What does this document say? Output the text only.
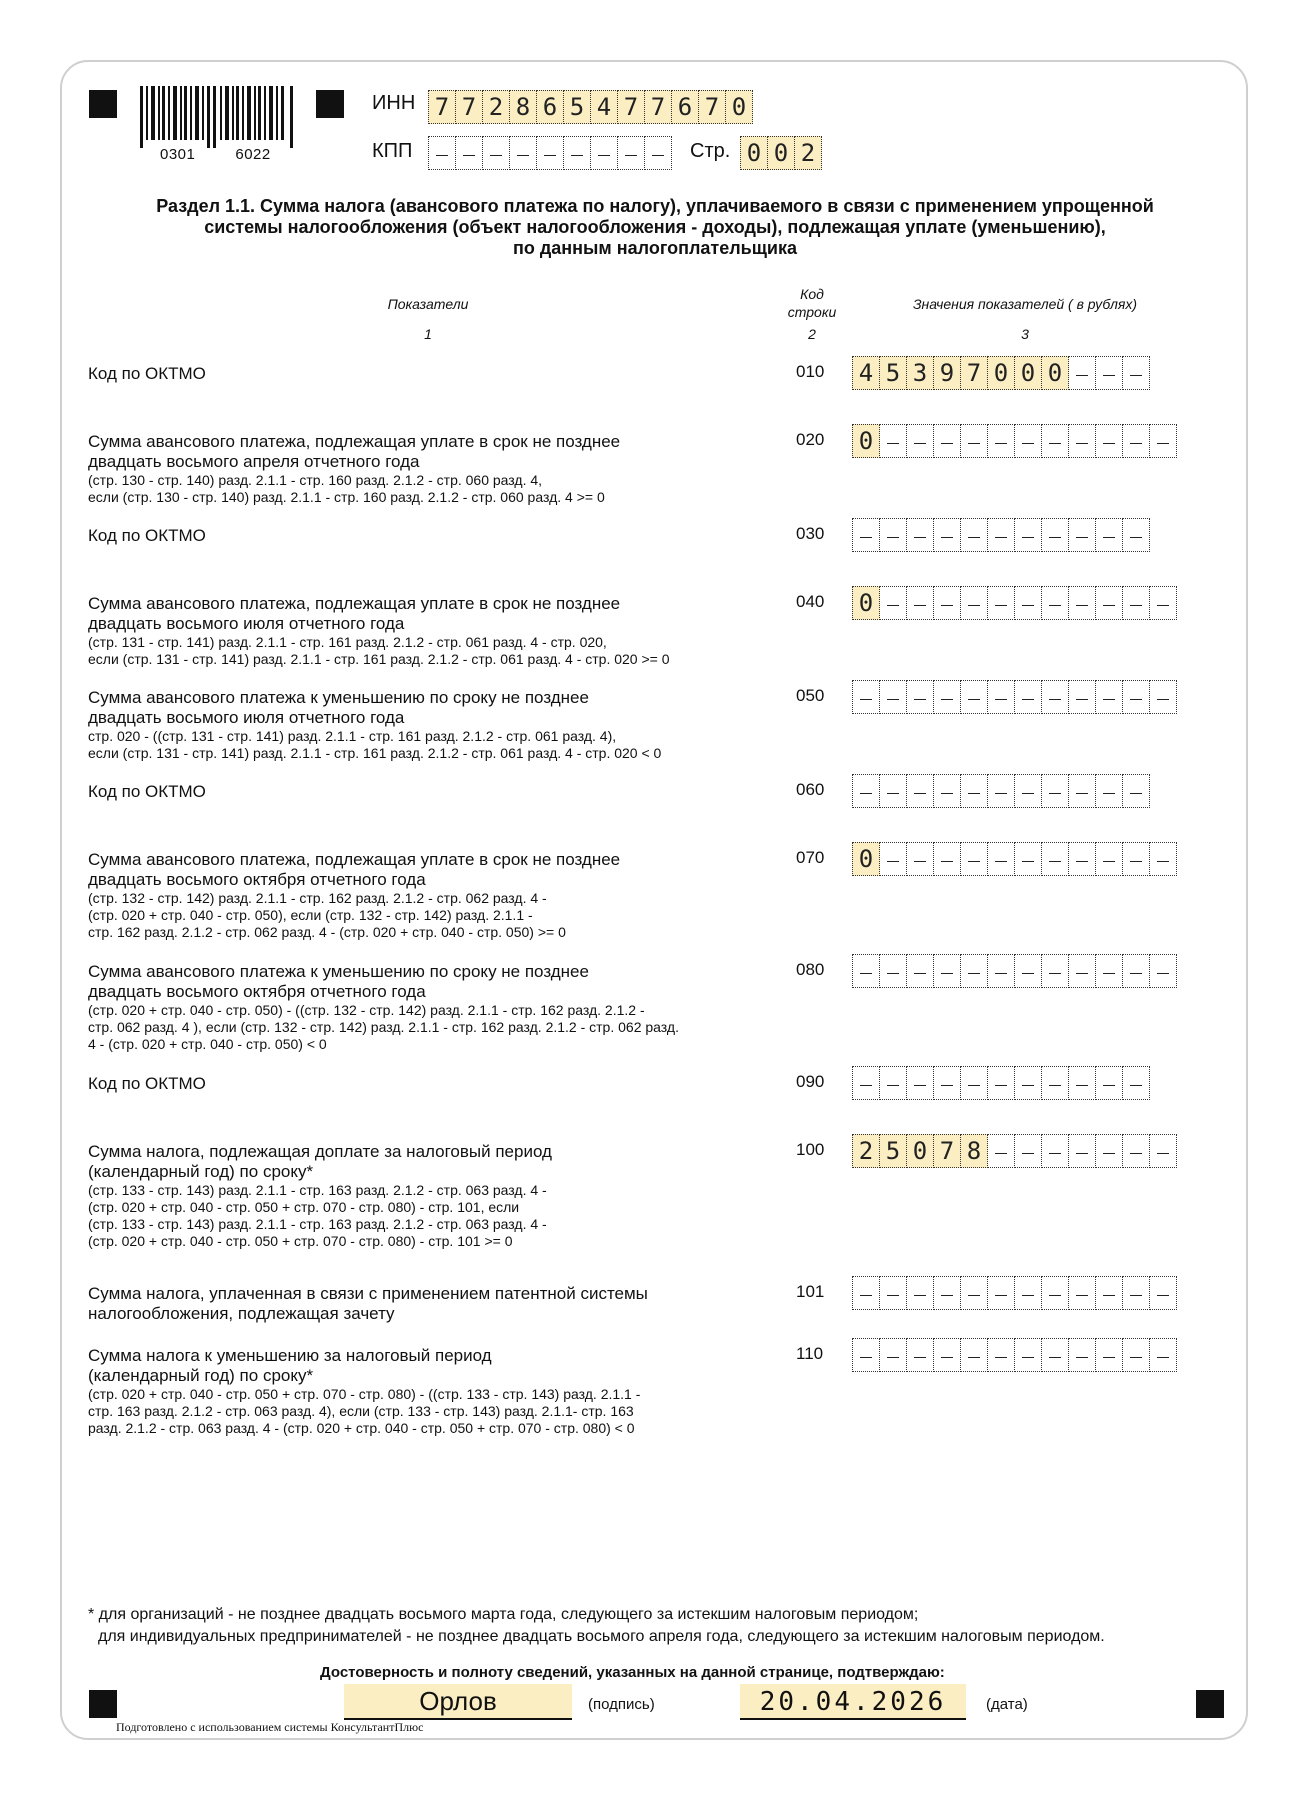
0301	6022
ИНН 7 7 2 8 6 5 4 7 7 6 7 0
КПП	Стр. 0 0 2
Раздел 1.1. Сумма налога (авансового платежа по налогу), уплачиваемого в связи с применением упрощенной
системы налогообложения (объект налогообложения - доходы), подлежащая уплате (уменьшению),
по данным налогоплательщика
Показатели
Код
строки	Значения показателей ( в рублях)
1	2	3
Код по ОКТМО	010 4 5 3 9 7 0 0 0
Сумма авансового платежа, подлежащая уплате в срок не позднее
двадцать восьмого апреля отчетного года
(стр. 130 - стр. 140) разд. 2.1.1 - стр. 160 разд. 2.1.2 - стр. 060 разд. 4,
если (стр. 130 - стр. 140) разд. 2.1.1 - стр. 160 разд. 2.1.2 - стр. 060 разд. 4 >= 0
020 0
Код по ОКТМО	030
Сумма авансового платежа, подлежащая уплате в срок не позднее
двадцать восьмого июля отчетного года
(стр. 131 - стр. 141) разд. 2.1.1 - стр. 161 разд. 2.1.2 - стр. 061 разд. 4 - стр. 020,
если (стр. 131 - стр. 141) разд. 2.1.1 - стр. 161 разд. 2.1.2 - стр. 061 разд. 4 - стр. 020 >= 0
040 0
Сумма авансового платежа к уменьшению по сроку не позднее
двадцать восьмого июля отчетного года
стр. 020 - ((стр. 131 - стр. 141) разд. 2.1.1 - стр. 161 разд. 2.1.2 - стр. 061 разд. 4),
если (стр. 131 - стр. 141) разд. 2.1.1 - стр. 161 разд. 2.1.2 - стр. 061 разд. 4 - стр. 020 < 0
050
Код по ОКТМО	060
Сумма авансового платежа, подлежащая уплате в срок не позднее
двадцать восьмого октября отчетного года
(стр. 132 - стр. 142) разд. 2.1.1 - стр. 162 разд. 2.1.2 - стр. 062 разд. 4 -
(стр. 020 + стр. 040 - стр. 050), если (стр. 132 - стр. 142) разд. 2.1.1 -
стр. 162 разд. 2.1.2 - стр. 062 разд. 4 - (стр. 020 + стр. 040 - стр. 050) >= 0
070 0
Сумма авансового платежа к уменьшению по сроку не позднее
двадцать восьмого октября отчетного года
(стр. 020 + стр. 040 - стр. 050) - ((стр. 132 - стр. 142) разд. 2.1.1 - стр. 162 разд. 2.1.2 -
стр. 062 разд. 4 ), если (стр. 132 - стр. 142) разд. 2.1.1 - стр. 162 разд. 2.1.2 - стр. 062 разд.
4 - (стр. 020 + стр. 040 - стр. 050) < 0
080
Код по ОКТМО	090
Сумма налога, подлежащая доплате за налоговый период
(календарный год) по сроку*
(стр. 133 - стр. 143) разд. 2.1.1 - стр. 163 разд. 2.1.2 - стр. 063 разд. 4 -
(стр. 020 + стр. 040 - стр. 050 + стр. 070 - стр. 080) - стр. 101, если
(стр. 133 - стр. 143) разд. 2.1.1 - стр. 163 разд. 2.1.2 - стр. 063 разд. 4 -
(стр. 020 + стр. 040 - стр. 050 + стр. 070 - стр. 080) - стр. 101 >= 0
100 2 5 0 7 8
Сумма налога, уплаченная в связи с применением патентной системы
налогообложения, подлежащая зачету
101
Сумма налога к уменьшению за налоговый период
(календарный год) по сроку*
(стр. 020 + стр. 040 - стр. 050 + стр. 070 - стр. 080) - ((стр. 133 - стр. 143) разд. 2.1.1 -
стр. 163 разд. 2.1.2 - стр. 063 разд. 4), если (стр. 133 - стр. 143) разд. 2.1.1- стр. 163
разд. 2.1.2 - стр. 063 разд. 4 - (стр. 020 + стр. 040 - стр. 050 + стр. 070 - стр. 080) < 0
110
* для организаций - не позднее двадцать восьмого марта года, следующего за истекшим налоговым периодом;
для индивидуальных предпринимателей - не позднее двадцать восьмого апреля года, следующего за истекшим налоговым периодом.
Достоверность и полноту сведений, указанных на данной странице, подтверждаю:
Орлов	(подпись)	20.04.2026	(дата)
Подготовлено с использованием системы КонсультантПлюс
